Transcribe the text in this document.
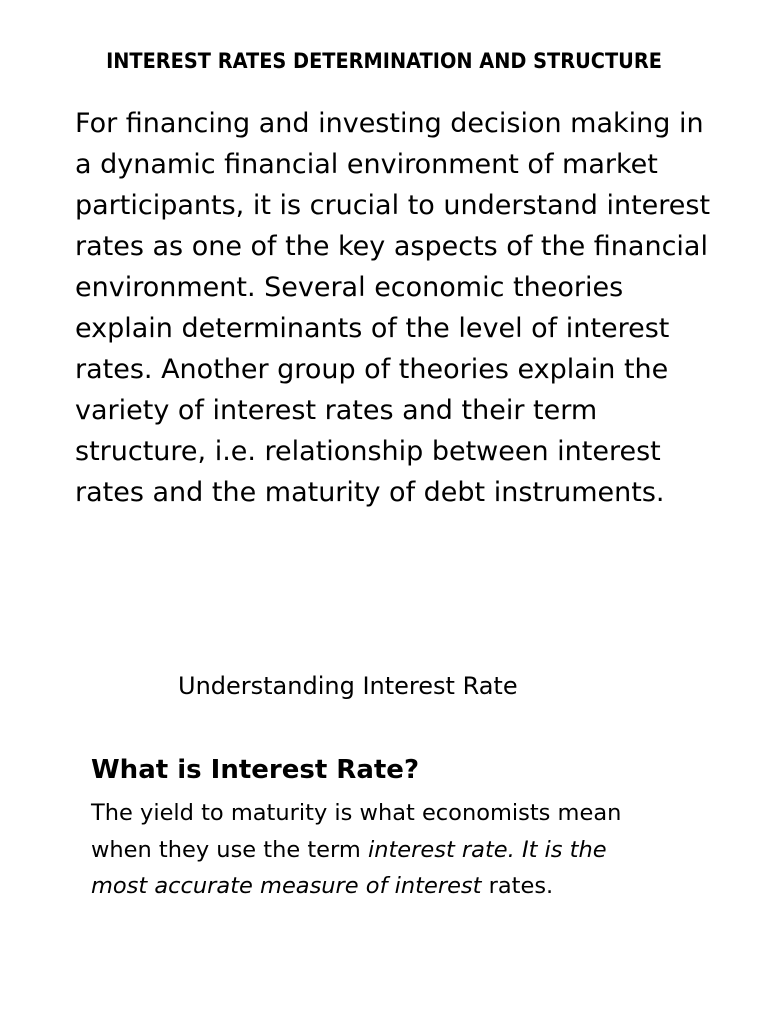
INTEREST RATES DETERMINATION AND STRUCTURE

For financing and investing decision making in
a dynamic financial environment of market
participants, it is crucial to understand interest
rates as one of the key aspects of the financial
environment. Several economic theories
explain determinants of the level of interest
rates. Another group of theories explain the
variety of interest rates and their term
structure, i.e. relationship between interest
rates and the maturity of debt instruments.

Understanding Interest Rate
What is Interest Rate?

The yield to maturity is what economists mean
when they use the term interest rate. It is the
most accurate measure of interest rates.
